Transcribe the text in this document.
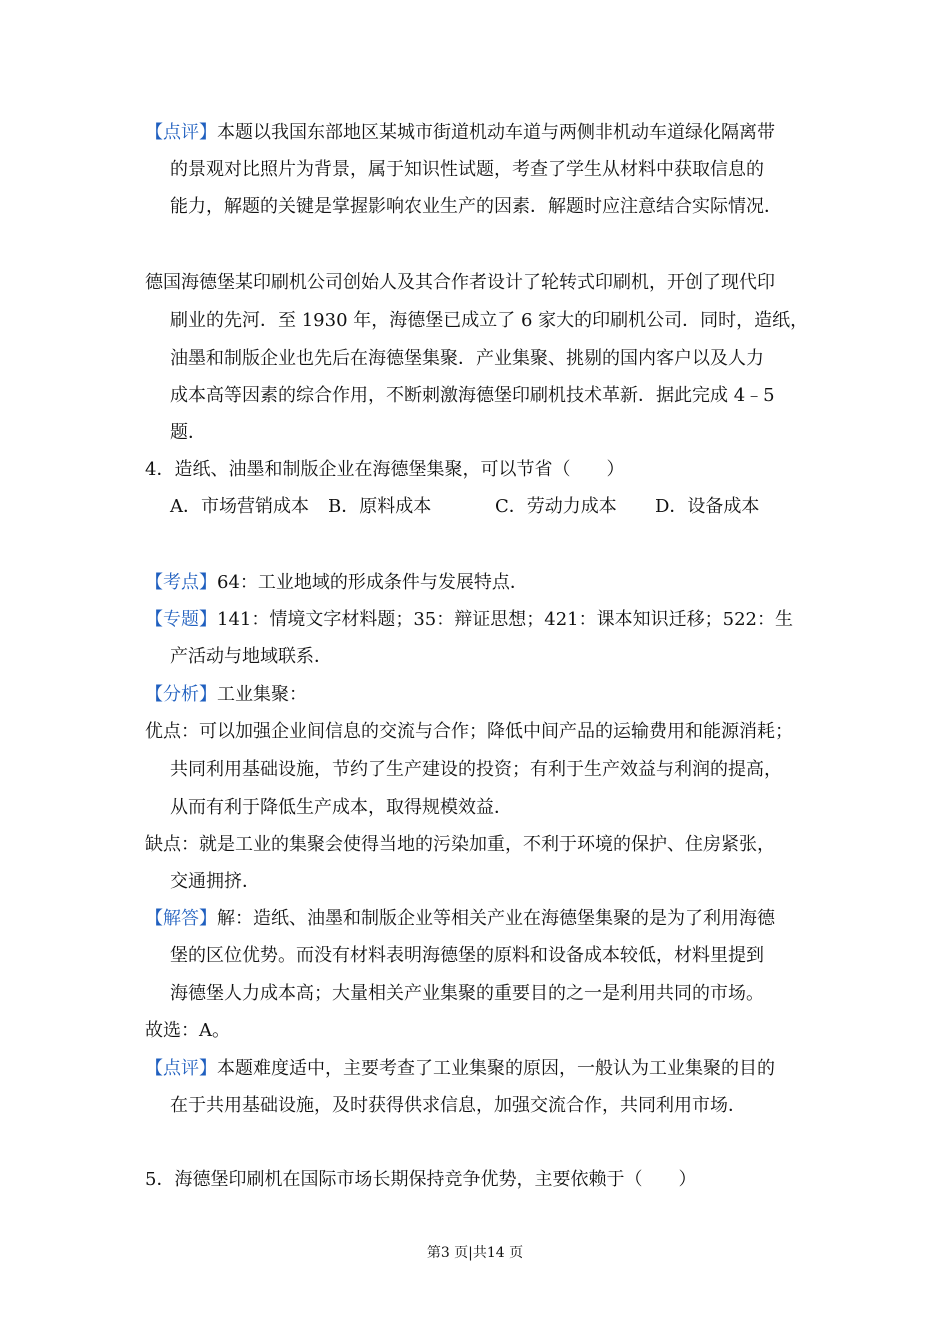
【点评】本题以我国东部地区某城市街道机动车道与两侧非机动车道绿化隔离带
的景观对比照片为背景，属于知识性试题，考查了学生从材料中获取信息的
能力，解题的关键是掌握影响农业生产的因素．解题时应注意结合实际情况．
德国海德堡某印刷机公司创始人及其合作者设计了轮转式印刷机，开创了现代印
刷业的先河．至 1930 年，海德堡已成立了 6 家大的印刷机公司．同时，造纸，
油墨和制版企业也先后在海德堡集聚．产业集聚、挑剔的国内客户以及人力
成本高等因素的综合作用，不断刺激海德堡印刷机技术革新．据此完成 4﹣5
题．
4．造纸、油墨和制版企业在海德堡集聚，可以节省（　　）
A．市场营销成本 B．原料成本	C．劳动力成本 D．设备成本
【考点】64：工业地域的形成条件与发展特点．
【专题】141：情境文字材料题；35：辩证思想；421：课本知识迁移；522：生
产活动与地域联系．
【分析】工业集聚：
优点：可以加强企业间信息的交流与合作；降低中间产品的运输费用和能源消耗；
共同利用基础设施，节约了生产建设的投资；有利于生产效益与利润的提高，
从而有利于降低生产成本，取得规模效益．
缺点：就是工业的集聚会使得当地的污染加重，不利于环境的保护、住房紧张，
交通拥挤．
【解答】解：造纸、油墨和制版企业等相关产业在海德堡集聚的是为了利用海德
堡的区位优势。而没有材料表明海德堡的原料和设备成本较低，材料里提到
海德堡人力成本高；大量相关产业集聚的重要目的之一是利用共同的市场。
故选：A。
【点评】本题难度适中，主要考查了工业集聚的原因，一般认为工业集聚的目的
在于共用基础设施，及时获得供求信息，加强交流合作，共同利用市场．
5．海德堡印刷机在国际市场长期保持竞争优势，主要依赖于（　　）
第3 页|共14 页
